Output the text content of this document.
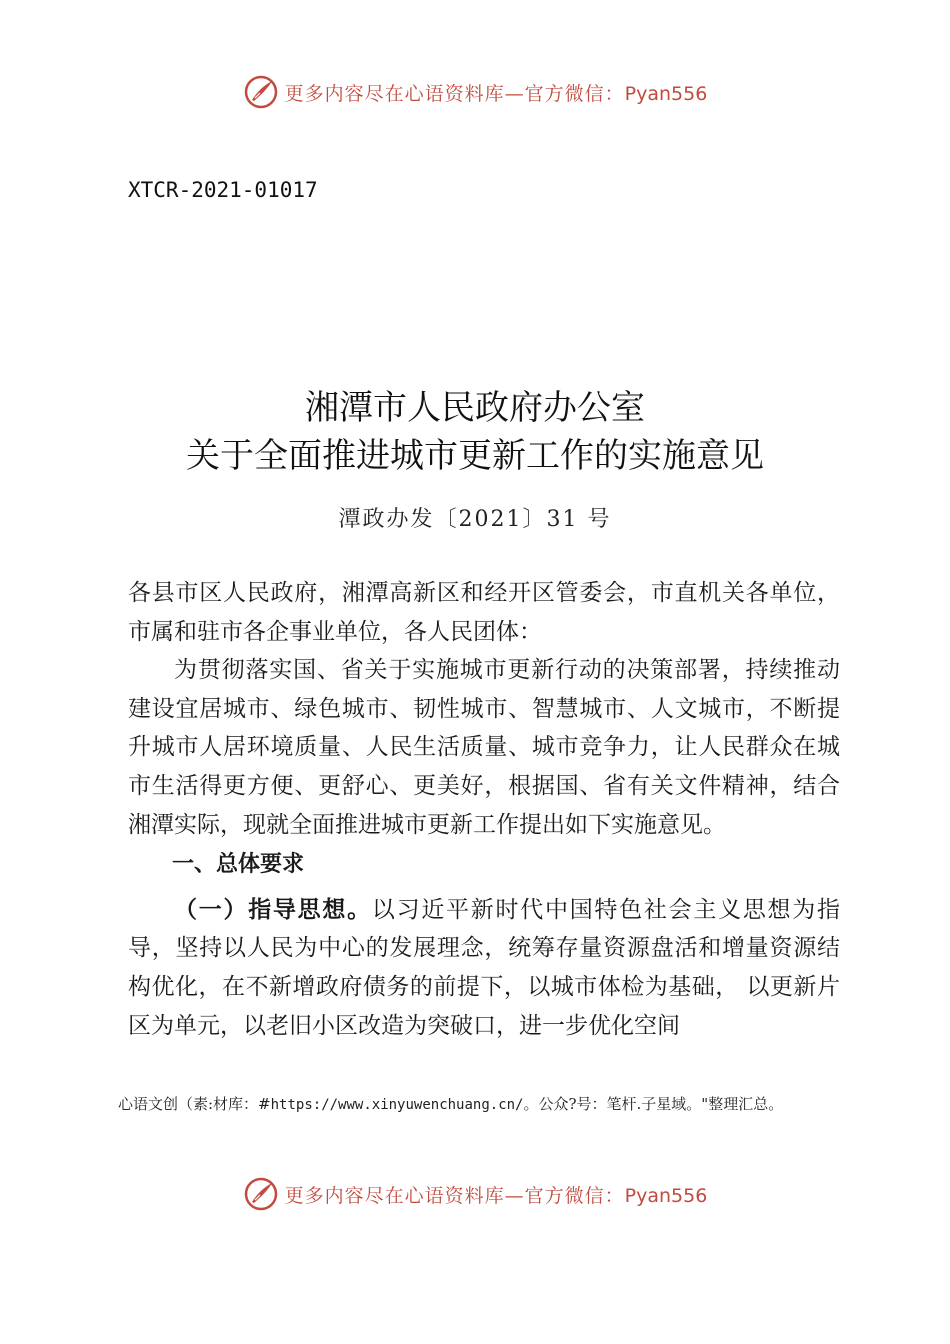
更多内容尽在心语资料库—官方微信：Pyan556
XTCR-2021-01017
湘潭市人民政府办公室
关于全面推进城市更新工作的实施意见
潭政办发〔2021〕31 号

各县市区人民政府，湘潭高新区和经开区管委会，市直机关各单位，市属和驻市各企事业单位，各人民团体：

为贯彻落实国、省关于实施城市更新行动的决策部署，持续推动建设宜居城市、绿色城市、韧性城市、智慧城市、人文城市，不断提升城市人居环境质量、人民生活质量、城市竞争力，让人民群众在城市生活得更方便、更舒心、更美好，根据国、省有关文件精神，结合湘潭实际，现就全面推进城市更新工作提出如下实施意见。

一、总体要求

（一）指导思想。以习近平新时代中国特色社会主义思想为指导，坚持以人民为中心的发展理念，统筹存量资源盘活和增量资源结构优化，在不新增政府债务的前提下，以城市体检为基础， 以更新片区为单元，以老旧小区改造为突破口，进一步优化空间

心语文创（素:材库：#https://www.xinyuwenchuang.cn/。公众?号：笔杆.子星域。"整理汇总。
更多内容尽在心语资料库—官方微信：Pyan556
